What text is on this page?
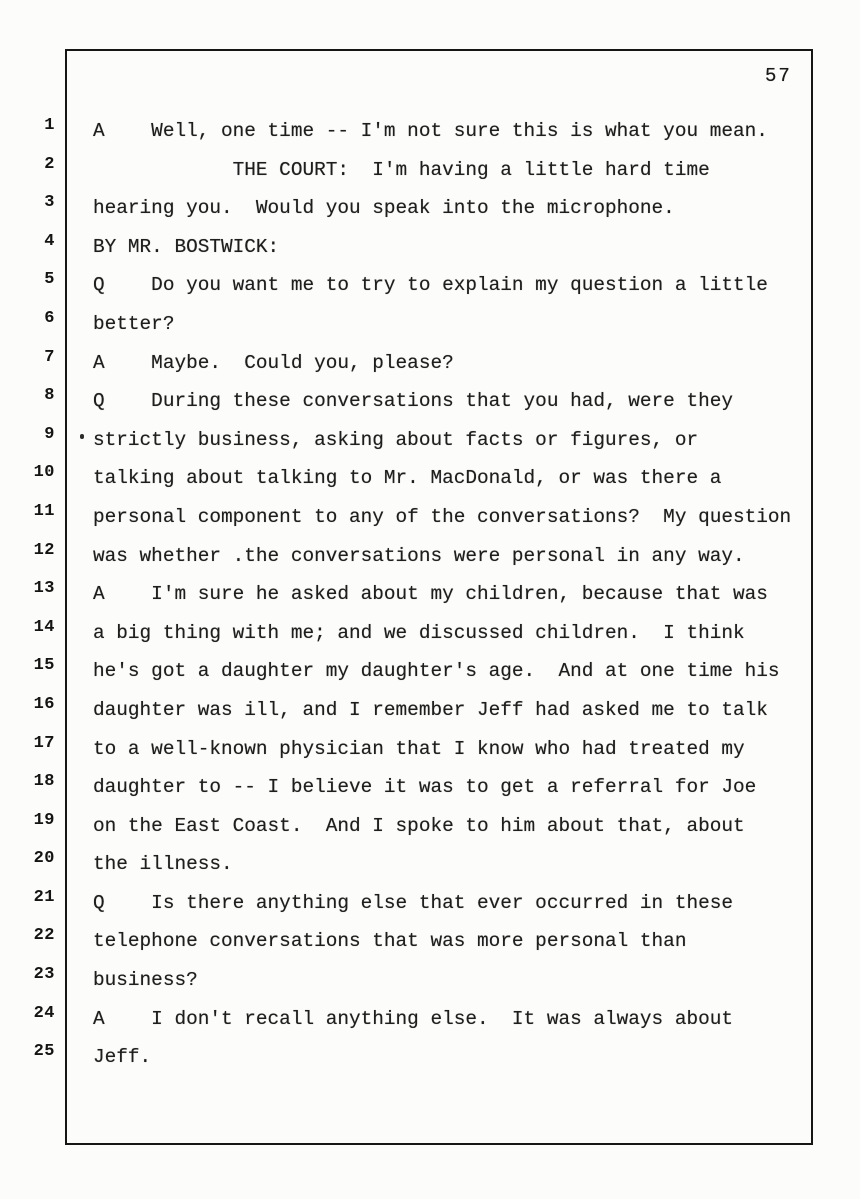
1
2
3
4
5
6
7
8
9
10
11
12
13
14
15
16
17
18
19
20
21
22
23
24
25
57
A    Well, one time -- I'm not sure this is what you mean.
THE COURT:  I'm having a little hard time
hearing you.  Would you speak into the microphone.
BY MR. BOSTWICK:
Q    Do you want me to try to explain my question a little
better?
A    Maybe.  Could you, please?
Q    During these conversations that you had, were they
strictly business, asking about facts or figures, or
talking about talking to Mr. MacDonald, or was there a
personal component to any of the conversations?  My question
was whether .the conversations were personal in any way.
A    I'm sure he asked about my children, because that was
a big thing with me; and we discussed children.  I think
he's got a daughter my daughter's age.  And at one time his
daughter was ill, and I remember Jeff had asked me to talk
to a well-known physician that I know who had treated my
daughter to -- I believe it was to get a referral for Joe
on the East Coast.  And I spoke to him about that, about
the illness.
Q    Is there anything else that ever occurred in these
telephone conversations that was more personal than
business?
A    I don't recall anything else.  It was always about
Jeff.
